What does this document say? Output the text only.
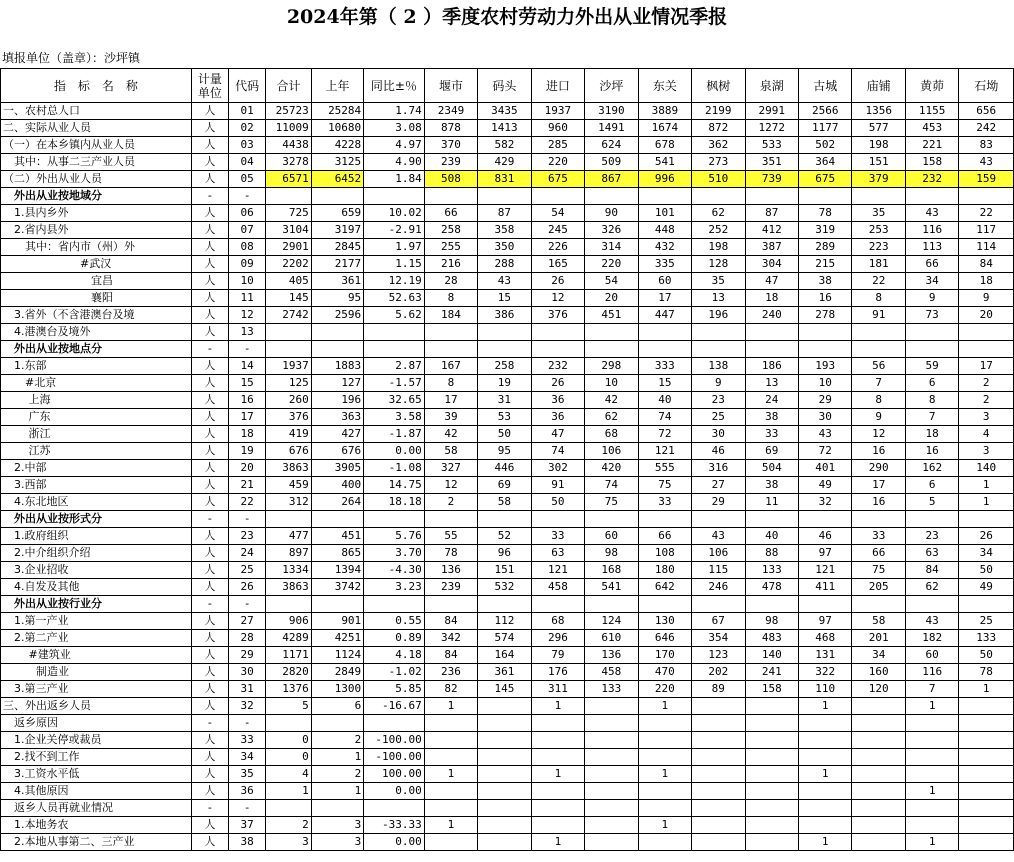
2024年第（ 2 ）季度农村劳动力外出从业情况季报
填报单位（盖章）：沙坪镇
指　标　名　称	计量单位	代码	合计	上年	同比±％	堰市	码头	进口	沙坪	东关	枫树	泉湖	古城	庙铺	黄茆	石坳
一、农村总人口	人	01	25723	25284	1.74	2349	3435	1937	3190	3889	2199	2991	2566	1356	1155	656
二、实际从业人员	人	02	11009	10680	3.08	878	1413	960	1491	1674	872	1272	1177	577	453	242
（一）在本乡镇内从业人员	人	03	4438	4228	4.97	370	582	285	624	678	362	533	502	198	221	83
　其中：从事二三产业人员	人	04	3278	3125	4.90	239	429	220	509	541	273	351	364	151	158	43
（二）外出从业人员	人	05	6571	6452	1.84	508	831	675	867	996	510	739	675	379	232	159
　外出从业按地域分	-	-														
　1.县内乡外	人	06	725	659	10.02	66	87	54	90	101	62	87	78	35	43	22
　2.省内县外	人	07	3104	3197	-2.91	258	358	245	326	448	252	412	319	253	116	117
　　其中：省内市（州）外	人	08	2901	2845	1.97	255	350	226	314	432	198	387	289	223	113	114
　　　　　　　#武汉	人	09	2202	2177	1.15	216	288	165	220	335	128	304	215	181	66	84
　　　　　　　　宜昌	人	10	405	361	12.19	28	43	26	54	60	35	47	38	22	34	18
　　　　　　　　襄阳	人	11	145	95	52.63	8	15	12	20	17	13	18	16	8	9	9
　3.省外（不含港澳台及境	人	12	2742	2596	5.62	184	386	376	451	447	196	240	278	91	73	20
　4.港澳台及境外	人	13														
　外出从业按地点分	-	-														
　1.东部	人	14	1937	1883	2.87	167	258	232	298	333	138	186	193	56	59	17
　　#北京	人	15	125	127	-1.57	8	19	26	10	15	9	13	10	7	6	2
　　 上海	人	16	260	196	32.65	17	31	36	42	40	23	24	29	8	8	2
　　 广东	人	17	376	363	3.58	39	53	36	62	74	25	38	30	9	7	3
　　 浙江	人	18	419	427	-1.87	42	50	47	68	72	30	33	43	12	18	4
　　 江苏	人	19	676	676	0.00	58	95	74	106	121	46	69	72	16	16	3
　2.中部	人	20	3863	3905	-1.08	327	446	302	420	555	316	504	401	290	162	140
　3.西部	人	21	459	400	14.75	12	69	91	74	75	27	38	49	17	6	1
　4.东北地区	人	22	312	264	18.18	2	58	50	75	33	29	11	32	16	5	1
　外出从业按形式分	-	-														
　1.政府组织	人	23	477	451	5.76	55	52	33	60	66	43	40	46	33	23	26
　2.中介组织介绍	人	24	897	865	3.70	78	96	63	98	108	106	88	97	66	63	34
　3.企业招收	人	25	1334	1394	-4.30	136	151	121	168	180	115	133	121	75	84	50
　4.自发及其他	人	26	3863	3742	3.23	239	532	458	541	642	246	478	411	205	62	49
　外出从业按行业分	-	-														
　1.第一产业	人	27	906	901	0.55	84	112	68	124	130	67	98	97	58	43	25
　2.第二产业	人	28	4289	4251	0.89	342	574	296	610	646	354	483	468	201	182	133
　　 #建筑业	人	29	1171	1124	4.18	84	164	79	136	170	123	140	131	34	60	50
　　　制造业	人	30	2820	2849	-1.02	236	361	176	458	470	202	241	322	160	116	78
　3.第三产业	人	31	1376	1300	5.85	82	145	311	133	220	89	158	110	120	7	1
三、外出返乡人员	人	32	5	6	-16.67	1		1		1			1		1	
　返乡原因	-	-														
　1.企业关停或裁员	人	33	0	2	-100.00											
　2.找不到工作	人	34	0	1	-100.00											
　3.工资水平低	人	35	4	2	100.00	1		1		1			1			
　4.其他原因	人	36	1	1	0.00										1	
　返乡人员再就业情况	-	-														
　1.本地务农	人	37	2	3	-33.33	1				1						
　2.本地从事第二、三产业	人	38	3	3	0.00			1					1		1	
